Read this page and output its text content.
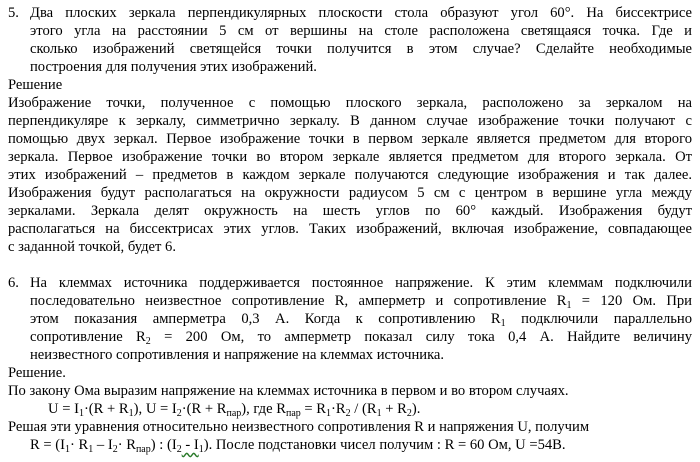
5. Два плоских зеркала перпендикулярных плоскости стола образуют угол 60°. На биссектрисе
этого угла на расстоянии 5 см от вершины на столе расположена светящаяся точка. Где и
сколько изображений светящейся точки получится в этом случае? Сделайте необходимые
построения для получения этих изображений.
Решение
Изображение точки, полученное с помощью плоского зеркала, расположено за зеркалом на
перпендикуляре к зеркалу, симметрично зеркалу. В данном случае изображение точки получают с
помощью двух зеркал. Первое изображение точки в первом зеркале является предметом для второго
зеркала. Первое изображение точки во втором зеркале является предметом для второго зеркала. От
этих изображений – предметов в каждом зеркале получаются следующие изображения и так далее.
Изображения будут располагаться на окружности радиусом 5 см с центром в вершине угла между
зеркалами. Зеркала делят окружность на шесть углов по 60° каждый. Изображения будут
располагаться на биссектрисах этих углов. Таких изображений, включая изображение, совпадающее
с заданной точкой, будет 6.
6. На клеммах источника поддерживается постоянное напряжение. К этим клеммам подключили
последовательно неизвестное сопротивление R, амперметр и сопротивление $R_1 = 120$ Ом. При
этом показания амперметра 0,3 А. Когда к сопротивлению $R_1$ подключили параллельно
сопротивление $R_2 = 200$ Ом, то амперметр показал силу тока 0,4 А. Найдите величину
неизвестного сопротивления и напряжение на клеммах источника.
Решение.
По закону Ома выразим напряжение на клеммах источника в первом и во втором случаях.
$U = I_1\cdot(R + R_1)$, $U = I_2\cdot(R + R_{пар})$, где $R_{пар} = R_1\cdot R_2 / (R_1 + R_2)$.
Решая эти уравнения относительно неизвестного сопротивления R и напряжения U, получим
$R = (I_1\cdot R_1 - I_2\cdot R_{пар})$ : $(I_2 - I_1)$. После подстановки чисел получим : R = 60 Ом, U =54В.
